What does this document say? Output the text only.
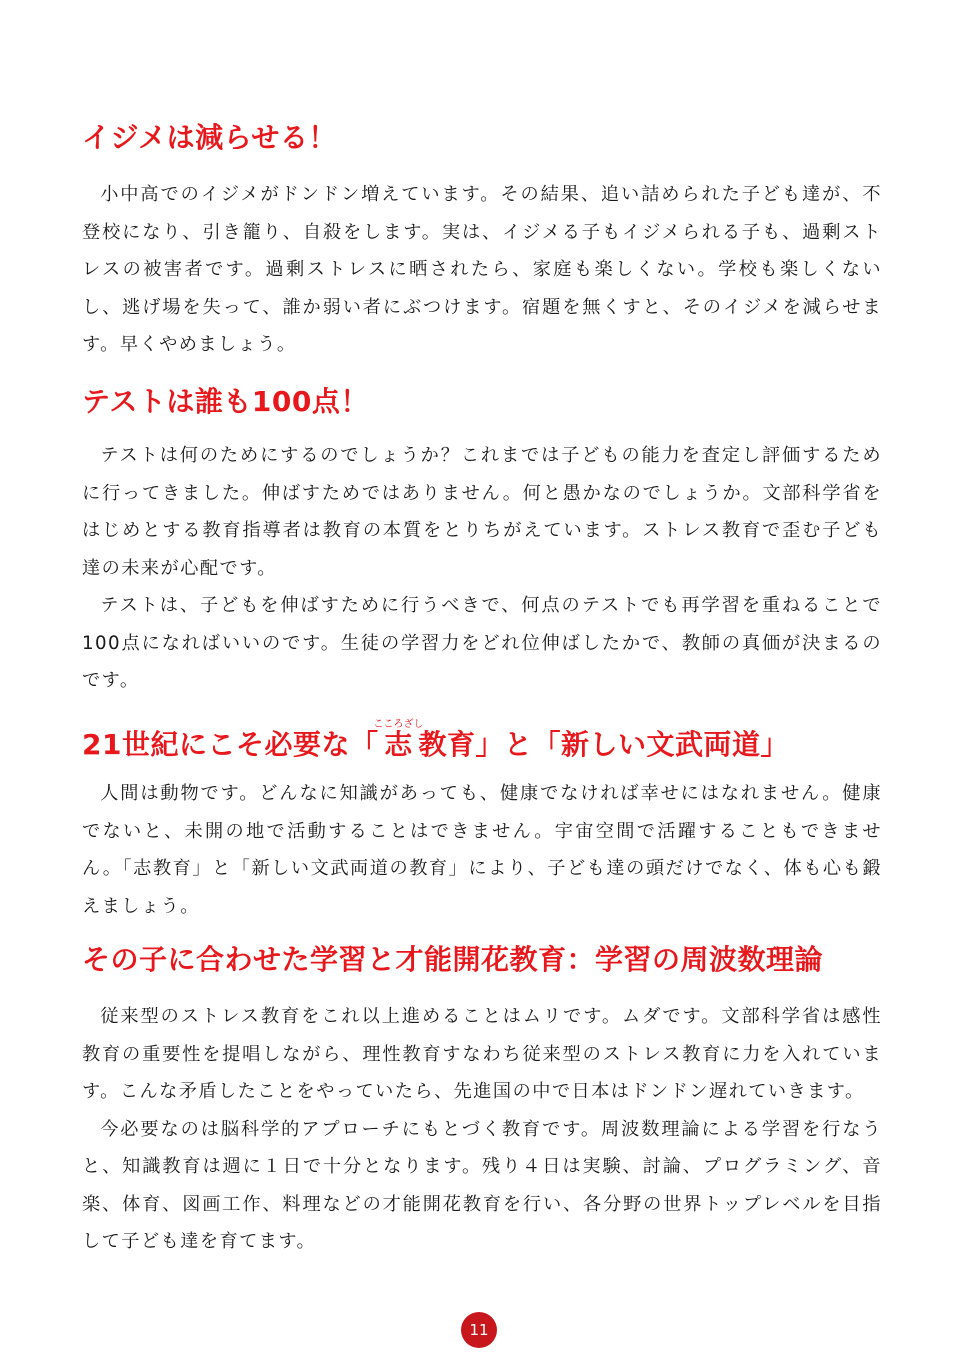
イジメは減らせる！

小中高でのイジメがドンドン増えています。その結果、追い詰められた子ども達が、不登校になり、引き籠り、自殺をします。実は、イジメる子もイジメられる子も、過剰ストレスの被害者です。過剰ストレスに晒されたら、家庭も楽しくない。学校も楽しくないし、逃げ場を失って、誰か弱い者にぶつけます。宿題を無くすと、そのイジメを減らせます。早くやめましょう。

テストは誰も100点！

テストは何のためにするのでしょうか？これまでは子どもの能力を査定し評価するために行ってきました。伸ばすためではありません。何と愚かなのでしょうか。文部科学省をはじめとする教育指導者は教育の本質をとりちがえています。ストレス教育で歪む子ども達の未来が心配です。

テストは、子どもを伸ばすために行うべきで、何点のテストでも再学習を重ねることで100点になればいいのです。生徒の学習力をどれ位伸ばしたかで、教師の真価が決まるのです。

21世紀にこそ必要な「志こころざし教育」と「新しい文武両道」

人間は動物です。どんなに知識があっても、健康でなければ幸せにはなれません。健康でないと、未開の地で活動することはできません。宇宙空間で活躍することもできません。「志教育」と「新しい文武両道の教育」により、子ども達の頭だけでなく、体も心も鍛えましょう。

その子に合わせた学習と才能開花教育：学習の周波数理論

従来型のストレス教育をこれ以上進めることはムリです。ムダです。文部科学省は感性教育の重要性を提唱しながら、理性教育すなわち従来型のストレス教育に力を入れています。こんな矛盾したことをやっていたら、先進国の中で日本はドンドン遅れていきます。

今必要なのは脳科学的アプローチにもとづく教育です。周波数理論による学習を行なうと、知識教育は週に１日で十分となります。残り４日は実験、討論、プログラミング、音楽、体育、図画工作、料理などの才能開花教育を行い、各分野の世界トップレベルを目指して子ども達を育てます。

11
